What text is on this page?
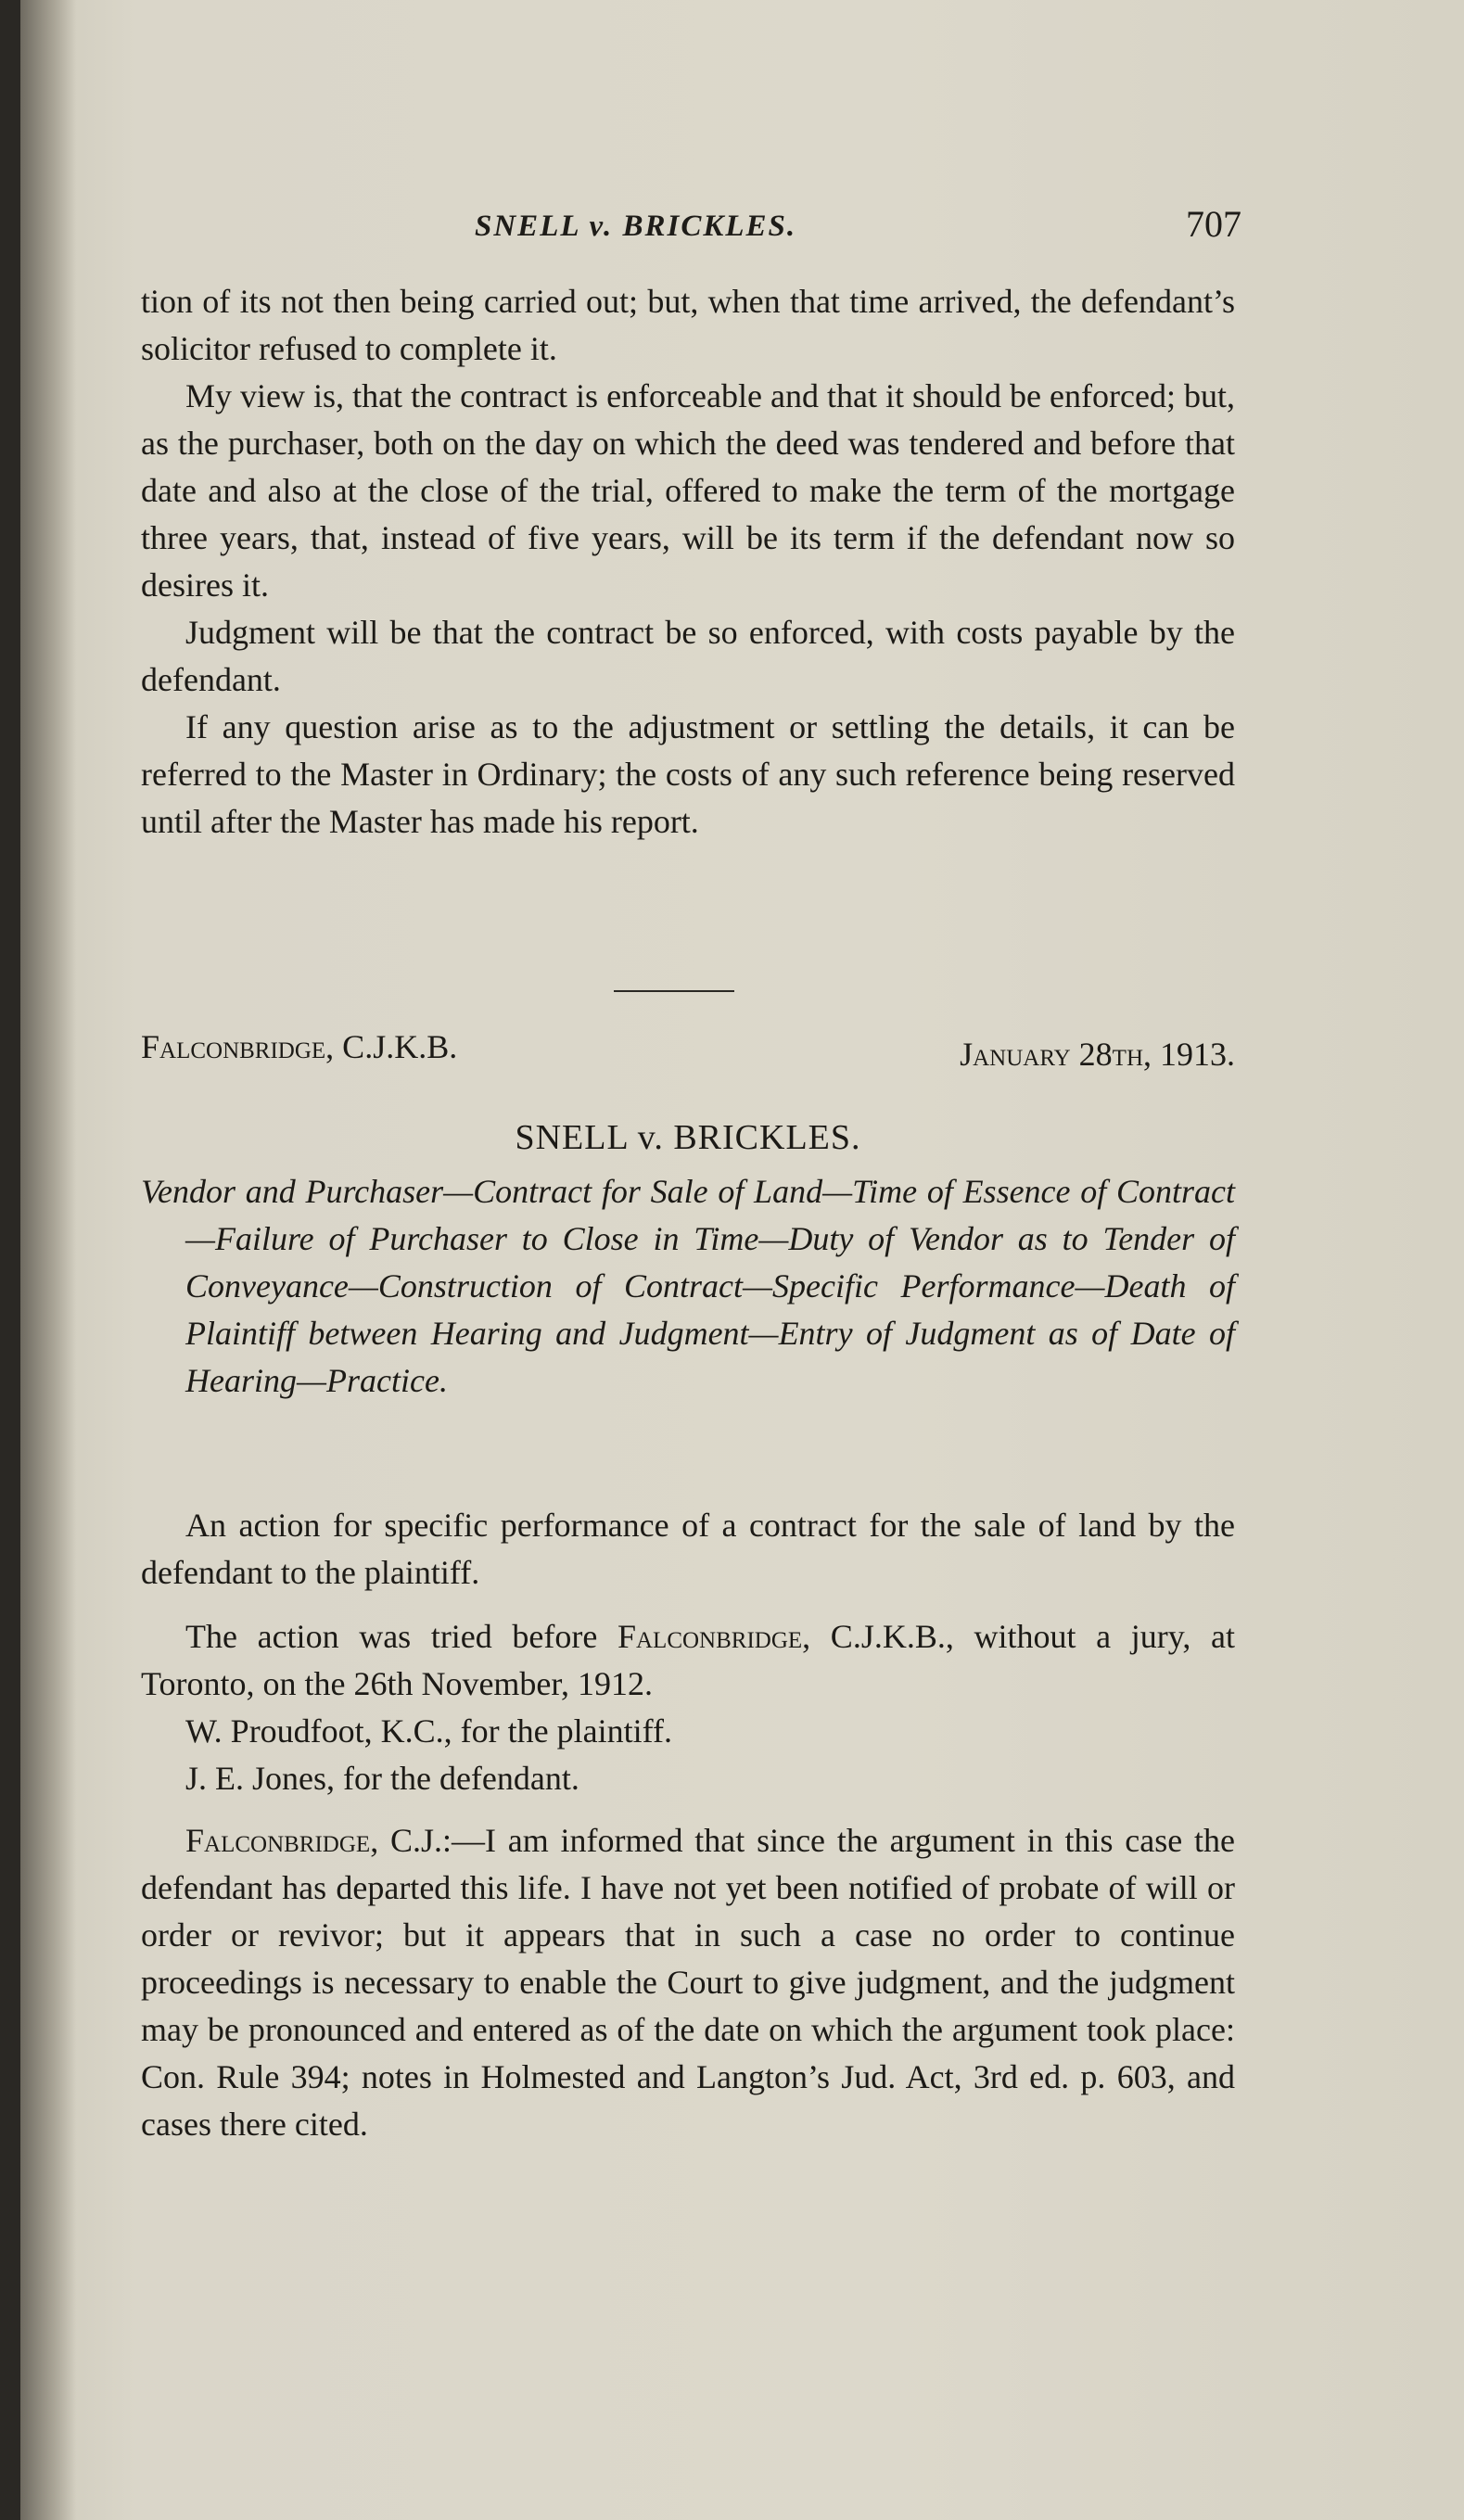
SNELL v. BRICKLES.	707

tion of its not then being carried out; but, when that time arrived, the defendant’s solicitor refused to complete it.

My view is, that the contract is enforceable and that it should be enforced; but, as the purchaser, both on the day on which the deed was tendered and before that date and also at the close of the trial, offered to make the term of the mortgage three years, that, instead of five years, will be its term if the defendant now so desires it.

Judgment will be that the contract be so enforced, with costs payable by the defendant.

If any question arise as to the adjustment or settling the details, it can be referred to the Master in Ordinary; the costs of any such reference being reserved until after the Master has made his report.

Falconbridge, C.J.K.B.	January 28th, 1913.
SNELL v. BRICKLES.

Vendor and Purchaser—Contract for Sale of Land—Time of Essence of Contract—Failure of Purchaser to Close in Time—Duty of Vendor as to Tender of Conveyance—Construction of Contract—Specific Performance—Death of Plaintiff between Hearing and Judgment—Entry of Judgment as of Date of Hearing—Practice.

An action for specific performance of a contract for the sale of land by the defendant to the plaintiff.

The action was tried before Falconbridge, C.J.K.B., without a jury, at Toronto, on the 26th November, 1912.

W. Proudfoot, K.C., for the plaintiff.

J. E. Jones, for the defendant.

Falconbridge, C.J.:—I am informed that since the argument in this case the defendant has departed this life. I have not yet been notified of probate of will or order or revivor; but it appears that in such a case no order to continue proceedings is necessary to enable the Court to give judgment, and the judgment may be pronounced and entered as of the date on which the argument took place: Con. Rule 394; notes in Holmested and Langton’s Jud. Act, 3rd ed. p. 603, and cases there cited.
